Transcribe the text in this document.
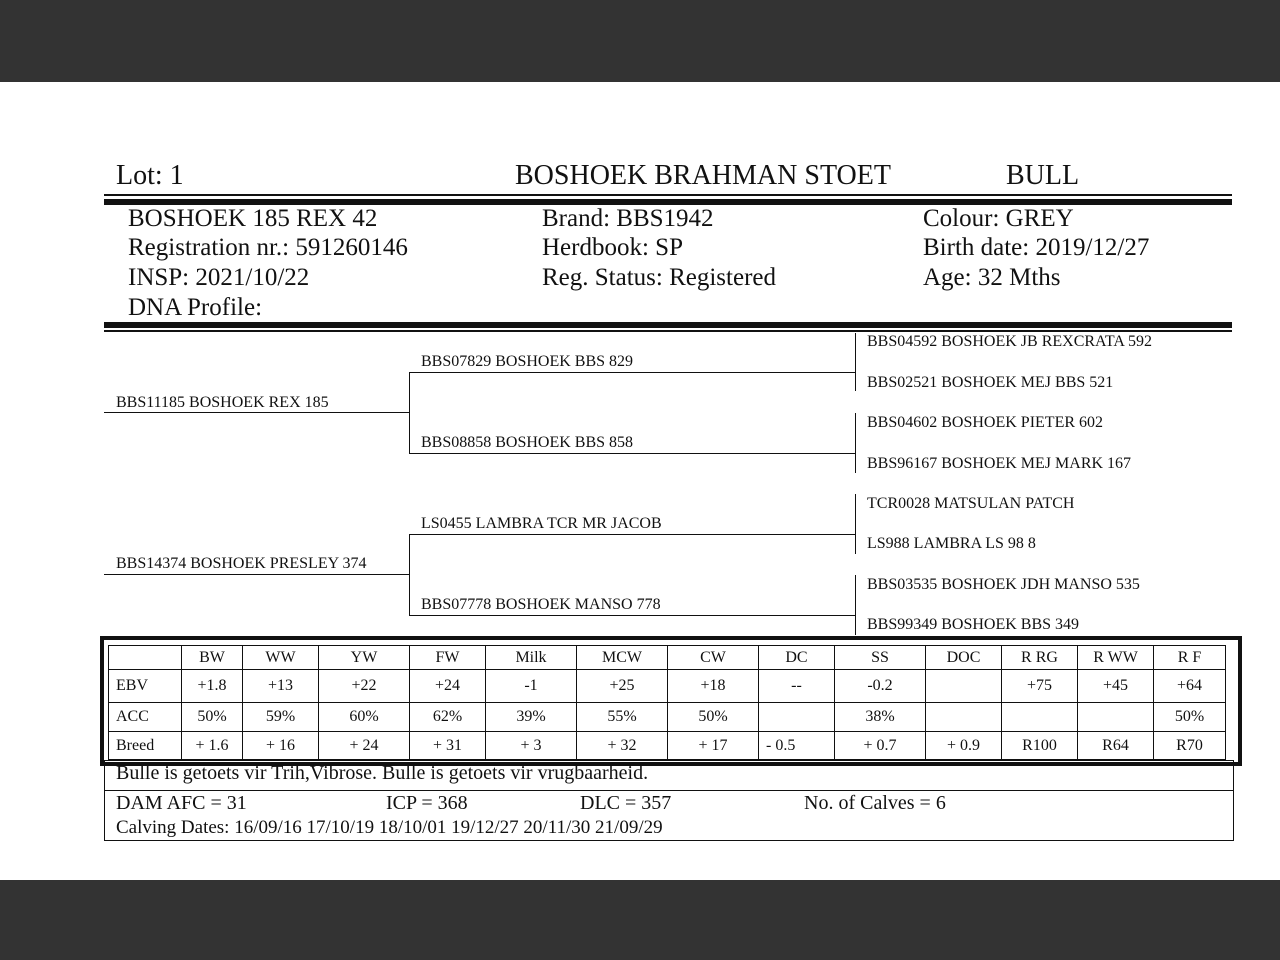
Lot: 1	BOSHOEK BRAHMAN STOET	BULL
BOSHOEK 185 REX 42
Registration nr.: 591260146
INSP: 2021/10/22
DNA Profile:
Brand: BBS1942
Herdbook: SP
Reg. Status: Registered
Colour: GREY
Birth date: 2019/12/27
Age: 32 Mths
BBS11185 BOSHOEK REX 185
BBS14374 BOSHOEK PRESLEY 374
BBS07829 BOSHOEK BBS 829
BBS08858 BOSHOEK BBS 858
LS0455 LAMBRA TCR MR JACOB
BBS07778 BOSHOEK MANSO 778
BBS04592 BOSHOEK JB REXCRATA 592
BBS02521 BOSHOEK MEJ BBS 521
BBS04602 BOSHOEK PIETER 602
BBS96167 BOSHOEK MEJ MARK 167
TCR0028 MATSULAN PATCH
LS988 LAMBRA LS 98 8
BBS03535 BOSHOEK JDH MANSO 535
BBS99349 BOSHOEK BBS 349
	BW	WW	YW	FW	Milk	MCW	CW	DC	SS	DOC	R RG	R WW	R F
EBV	+1.8	+13	+22	+24	-1	+25	+18	--	-0.2		+75	+45	+64
ACC	50%	59%	60%	62%	39%	55%	50%		38%				50%
Breed	+ 1.6	+ 16	+ 24	+ 31	+ 3	+ 32	+ 17	- 0.5	+ 0.7	+ 0.9	R100	R64	R70
Bulle is getoets vir Trih,Vibrose. Bulle is getoets vir vrugbaarheid.
DAM AFC = 31	ICP = 368	DLC = 357	No. of Calves = 6
Calving Dates: 16/09/16 17/10/19 18/10/01 19/12/27 20/11/30 21/09/29
